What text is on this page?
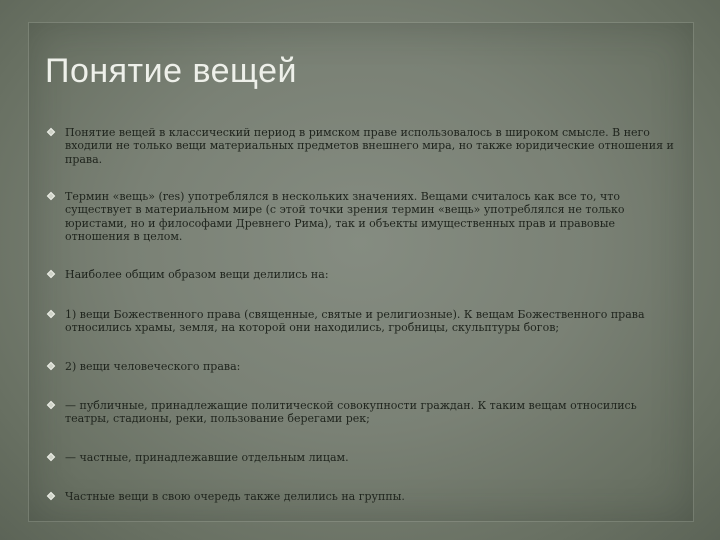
Понятие вещей
Понятие вещей в классический период в римском праве использовалось в широком смысле. В него входили не только вещи материальных предметов внешнего мира, но также юридические отношения и права.
Термин «вещь» (res) употреблялся в нескольких значениях. Вещами считалось как все то, что существует в материальном мире (с этой точки зрения термин «вещь» употреблялся не только юристами, но и философами Древнего Рима), так и объекты имущественных прав и правовые отношения в целом.
Наиболее общим образом вещи делились на:
1) вещи Божественного права (священные, святые и религиозные). К вещам Божественного права относились храмы, земля, на которой они находились, гробницы, скульптуры богов;
2) вещи человеческого права:
— публичные, принадлежащие политической совокупности граждан. К таким вещам относились театры, стадионы, реки, пользование берегами рек;
— частные, принадлежавшие отдельным лицам.
Частные вещи в свою очередь также делились на группы.
